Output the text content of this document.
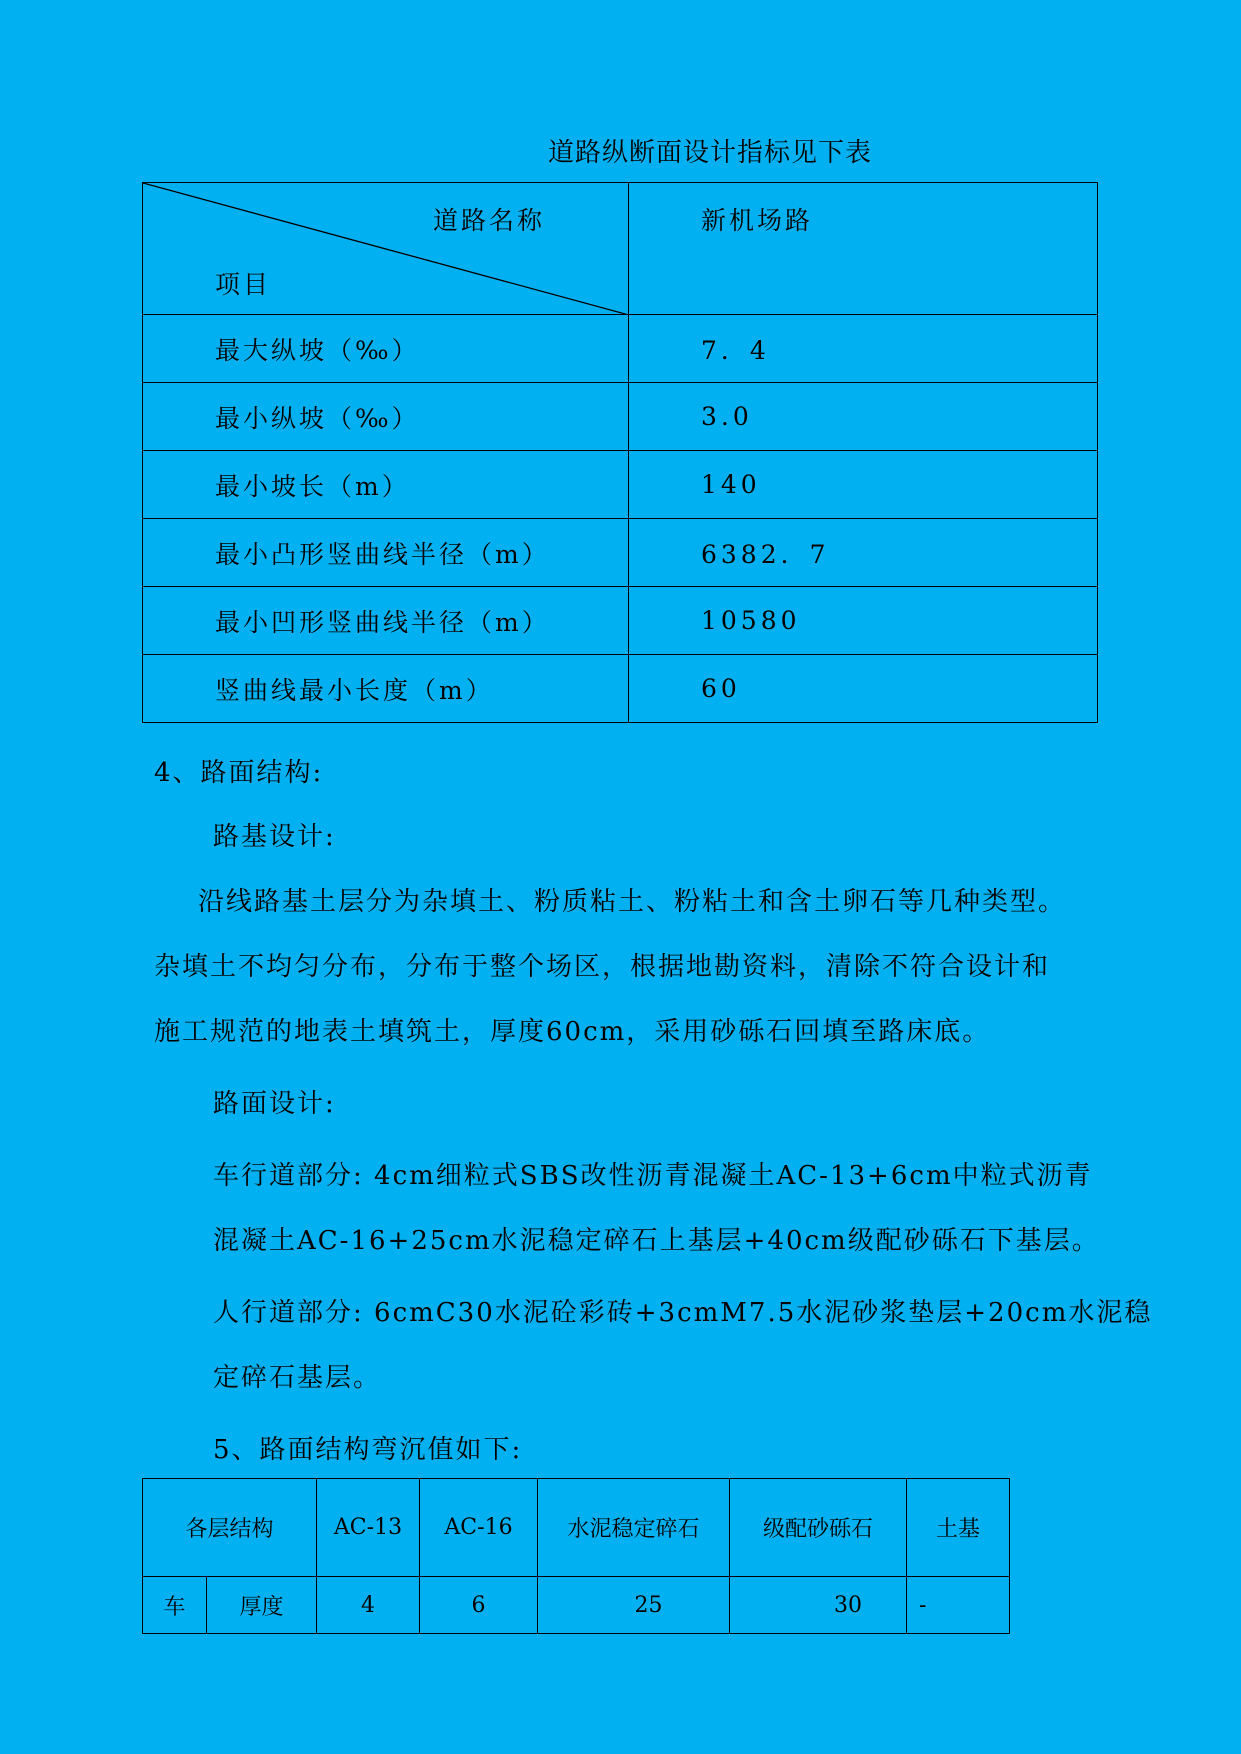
道路纵断面设计指标见下表
道路名称
项目	新机场路

最大纵坡（‰）	7．4
最小纵坡（‰）	3.0
最小坡长（m）	140
最小凸形竖曲线半径（m）	6382．7
最小凹形竖曲线半径（m）	10580
竖曲线最小长度（m）	60
4、路面结构:
路基设计:
沿线路基土层分为杂填土、粉质粘土、粉粘土和含土卵石等几种类型。
杂填土不均匀分布，分布于整个场区，根据地勘资料，清除不符合设计和
施工规范的地表土填筑土，厚度60cm，采用砂砾石回填至路床底。
路面设计:
车行道部分: 4cm细粒式SBS改性沥青混凝土AC-13+6cm中粒式沥青
混凝土AC-16+25cm水泥稳定碎石上基层+40cm级配砂砾石下基层。
人行道部分: 6cmC30水泥砼彩砖+3cmM7.5水泥砂浆垫层+20cm水泥稳
定碎石基层。
5、路面结构弯沉值如下:
各层结构		AC-13	AC-16	水泥稳定碎石	级配砂砾石	土基
车	厚度	4	6	25	30	-
